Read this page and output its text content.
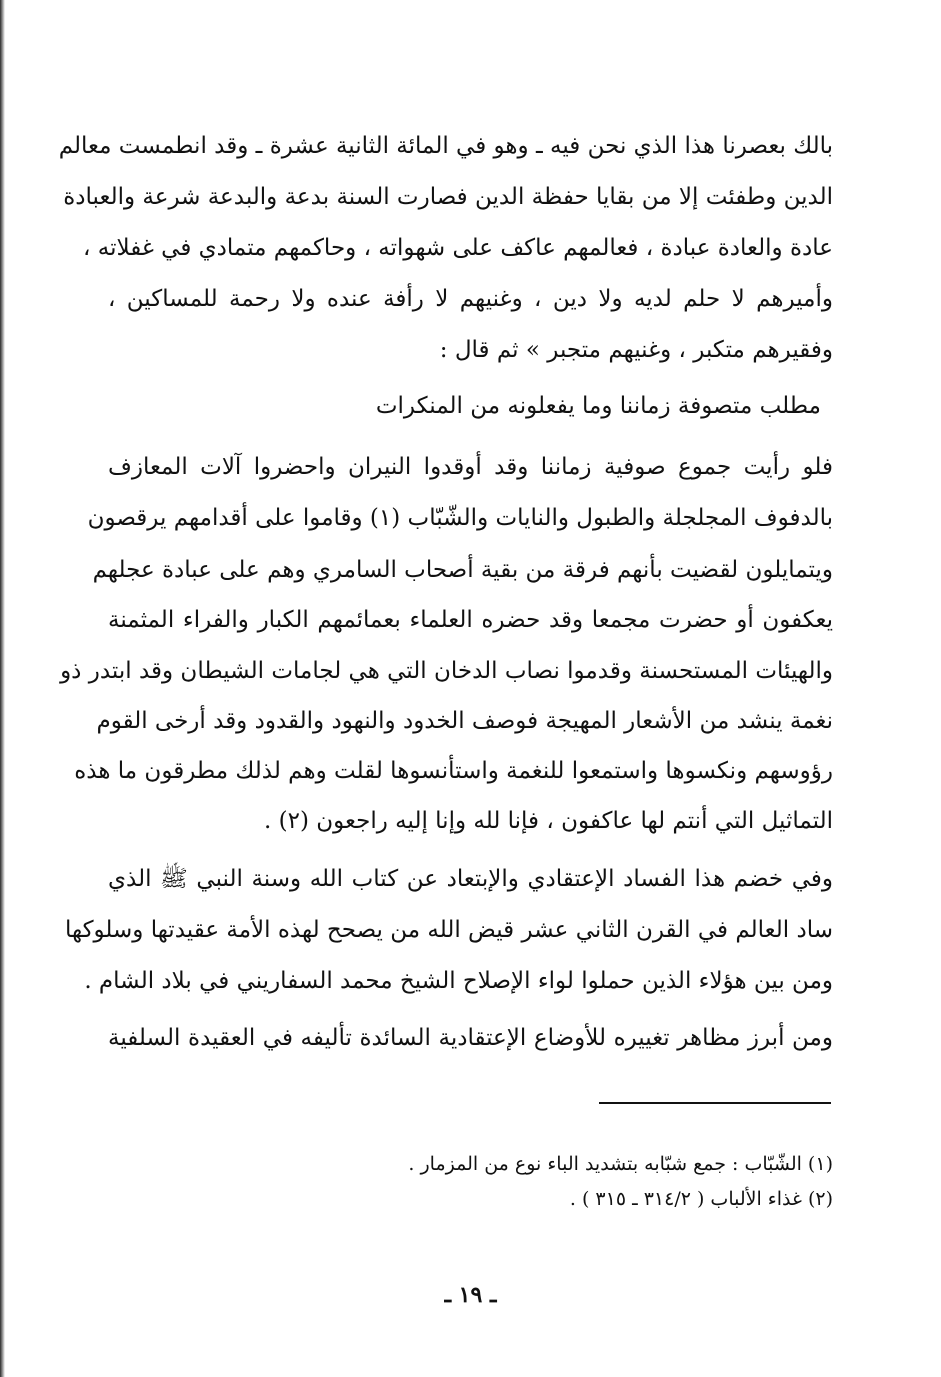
بالك بعصرنا هذا الذي نحن فيه ـ وهو في المائة الثانية عشرة ـ وقد انطمست معالم
الدين وطفئت إلا من بقايا حفظة الدين فصارت السنة بدعة والبدعة شرعة والعبادة
عادة والعادة عبادة ، فعالمهم عاكف على شهواته ، وحاكمهم متمادي في غفلاته ،
وأميرهم لا حلم لديه ولا دين ، وغنيهم لا رأفة عنده ولا رحمة للمساكين ،
وفقيرهم متكبر ، وغنيهم متجبر » ثم قال :
مطلب متصوفة زماننا وما يفعلونه من المنكرات
فلو رأيت جموع صوفية زماننا وقد أوقدوا النيران واحضروا آلات المعازف
بالدفوف المجلجلة والطبول والنايات والشّبّاب (١) وقاموا على أقدامهم يرقصون
ويتمايلون لقضيت بأنهم فرقة من بقية أصحاب السامري وهم على عبادة عجلهم
يعكفون أو حضرت مجمعا وقد حضره العلماء بعمائمهم الكبار والفراء المثمنة
والهيئات المستحسنة وقدموا نصاب الدخان التي هي لجامات الشيطان وقد ابتدر ذو
نغمة ينشد من الأشعار المهيجة فوصف الخدود والنهود والقدود وقد أرخى القوم
رؤوسهم ونكسوها واستمعوا للنغمة واستأنسوها لقلت وهم لذلك مطرقون ما هذه
التماثيل التي أنتم لها عاكفون ، فإنا لله وإنا إليه راجعون (٢) .
وفي خضم هذا الفساد الإعتقادي والإبتعاد عن كتاب الله وسنة النبي ﷺ الذي
ساد العالم في القرن الثاني عشر قيض الله من يصحح لهذه الأمة عقيدتها وسلوكها
ومن بين هؤلاء الذين حملوا لواء الإصلاح الشيخ محمد السفاريني في بلاد الشام .
ومن أبرز مظاهر تغييره للأوضاع الإعتقادية السائدة تأليفه في العقيدة السلفية
(١) الشّبّاب : جمع شبّابه بتشديد الباء نوع من المزمار .
(٢) غذاء الألباب ( ٣١٤/٢ ـ ٣١٥ ) .
ـ ١٩ ـ
